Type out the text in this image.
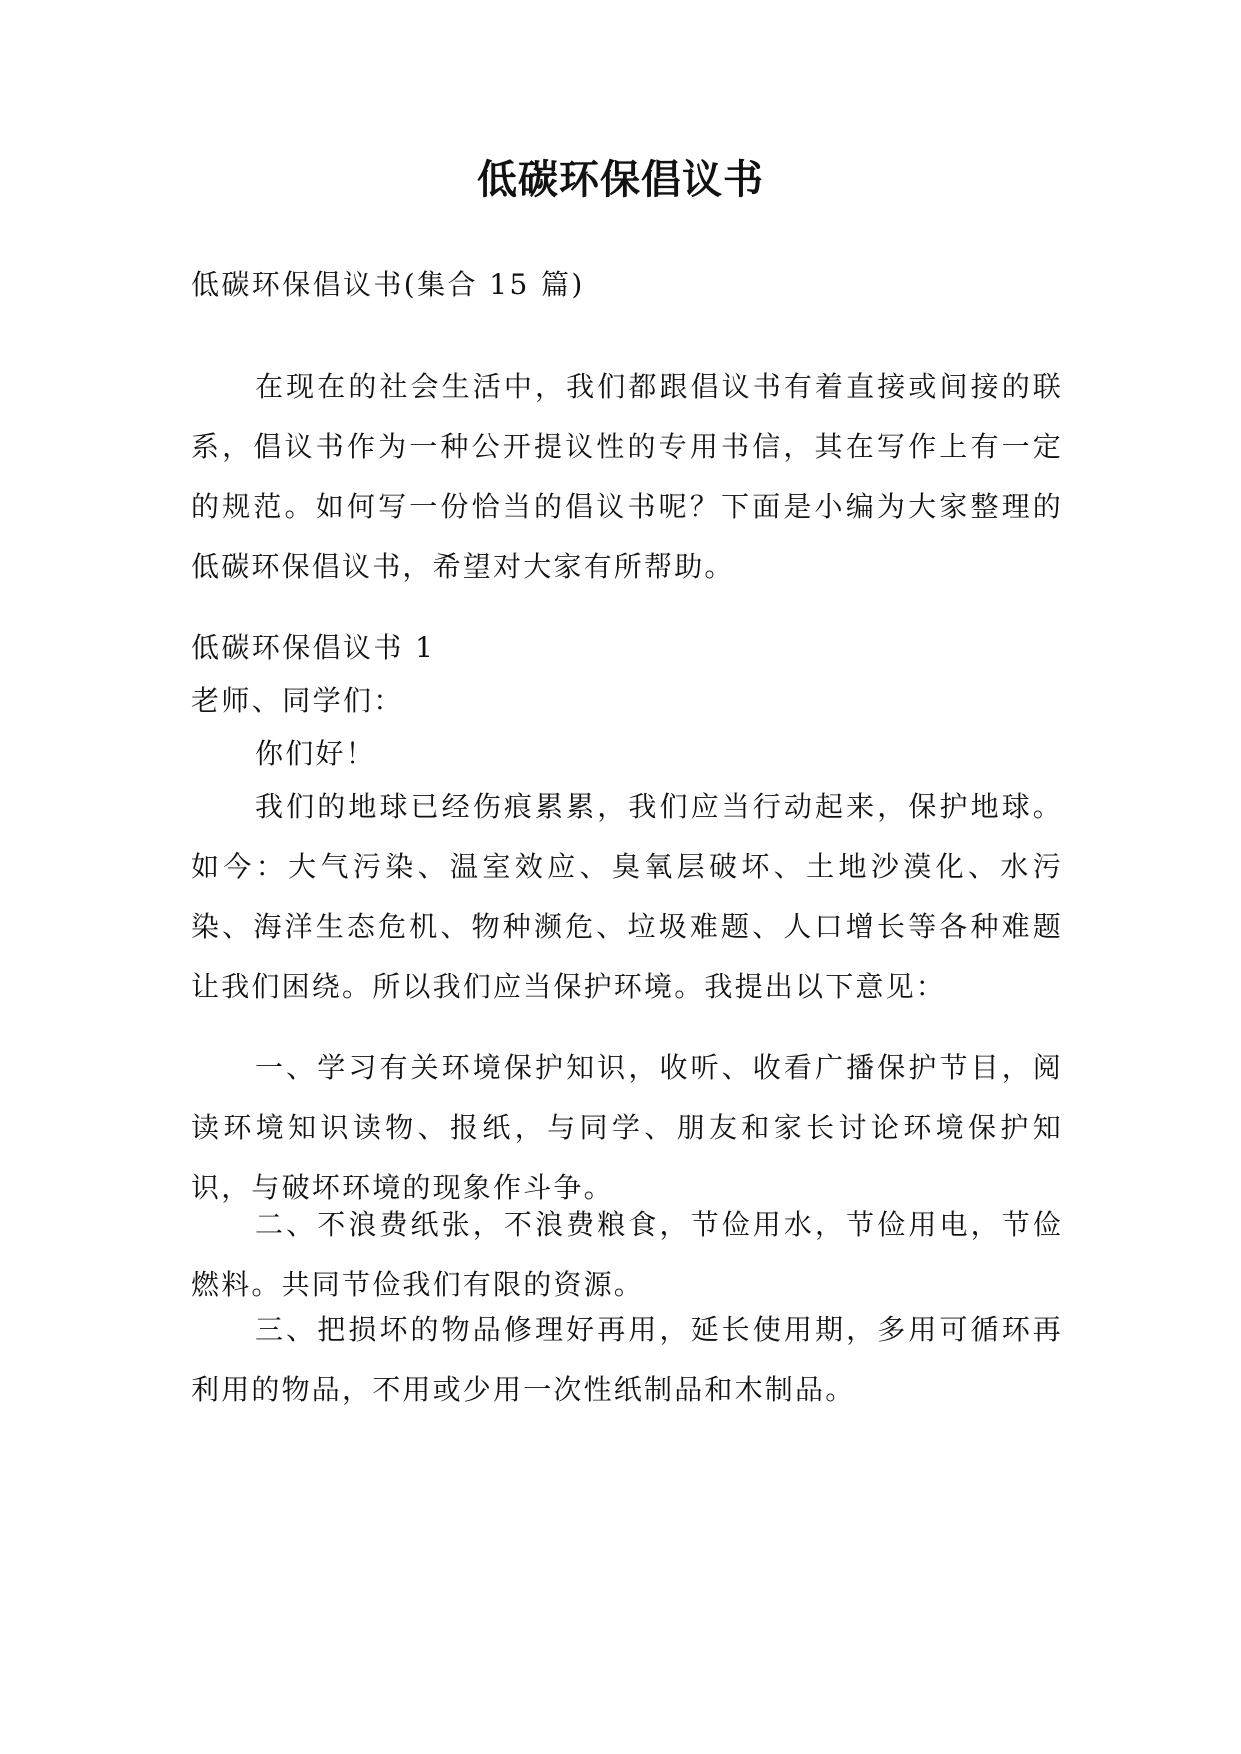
低碳环保倡议书
低碳环保倡议书(集合 15 篇)
在现在的社会生活中，我们都跟倡议书有着直接或间接的联系，倡议书作为一种公开提议性的专用书信，其在写作上有一定的规范。如何写一份恰当的倡议书呢？下面是小编为大家整理的低碳环保倡议书，希望对大家有所帮助。
低碳环保倡议书 1
老师、同学们：
你们好！
我们的地球已经伤痕累累，我们应当行动起来，保护地球。如今：大气污染、温室效应、臭氧层破坏、土地沙漠化、水污染、海洋生态危机、物种濒危、垃圾难题、人口增长等各种难题让我们困绕。所以我们应当保护环境。我提出以下意见：
一、学习有关环境保护知识，收听、收看广播保护节目，阅读环境知识读物、报纸，与同学、朋友和家长讨论环境保护知识，与破坏环境的现象作斗争。
二、不浪费纸张，不浪费粮食，节俭用水，节俭用电，节俭燃料。共同节俭我们有限的资源。
三、把损坏的物品修理好再用，延长使用期，多用可循环再利用的物品，不用或少用一次性纸制品和木制品。
